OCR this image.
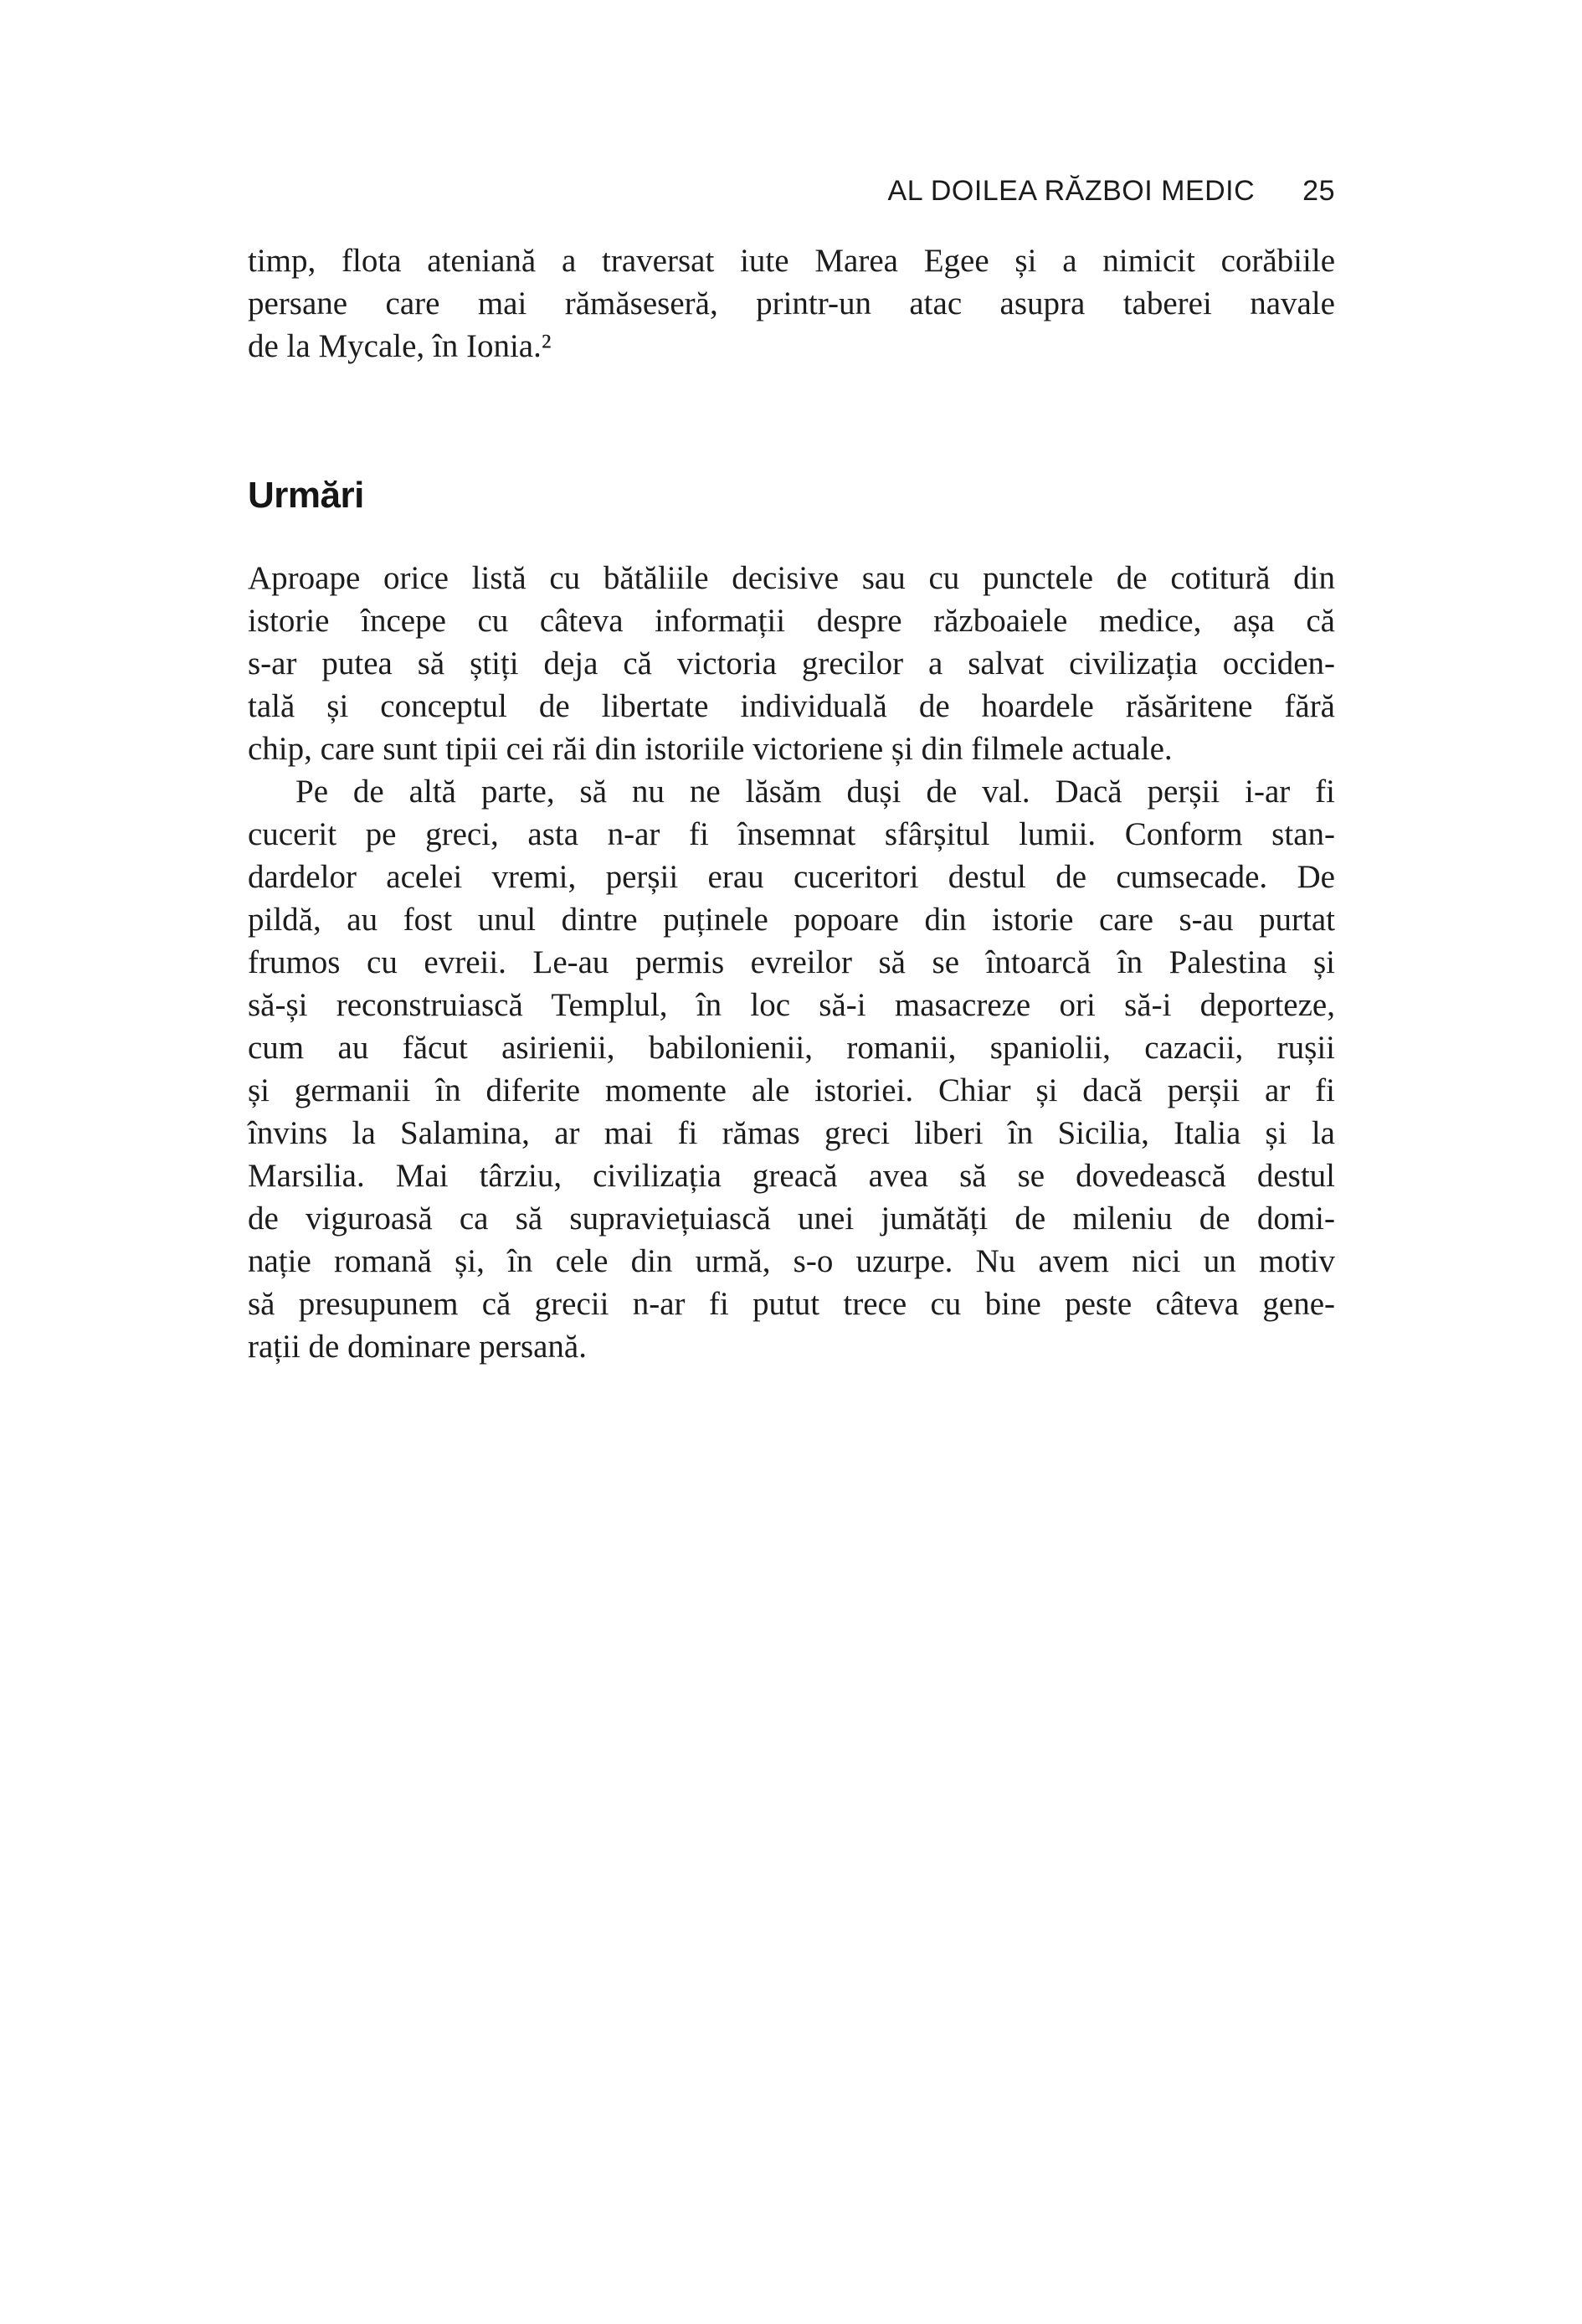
AL DOILEA RĂZBOI MEDIC 25
timp, flota ateniană a traversat iute Marea Egee și a nimicit corăbiile
persane care mai rămăseseră, printr-un atac asupra taberei navale
de la Mycale, în Ionia.²
Urmări
Aproape orice listă cu bătăliile decisive sau cu punctele de cotitură din
istorie începe cu câteva informații despre războaiele medice, așa că
s-ar putea să știți deja că victoria grecilor a salvat civilizația occiden-
tală și conceptul de libertate individuală de hoardele răsăritene fără
chip, care sunt tipii cei răi din istoriile victoriene și din filmele actuale.
Pe de altă parte, să nu ne lăsăm duși de val. Dacă perșii i-ar fi
cucerit pe greci, asta n-ar fi însemnat sfârșitul lumii. Conform stan-
dardelor acelei vremi, perșii erau cuceritori destul de cumsecade. De
pildă, au fost unul dintre puținele popoare din istorie care s-au purtat
frumos cu evreii. Le-au permis evreilor să se întoarcă în Palestina și
să-și reconstruiască Templul, în loc să-i masacreze ori să-i deporteze,
cum au făcut asirienii, babilonienii, romanii, spaniolii, cazacii, rușii
și germanii în diferite momente ale istoriei. Chiar și dacă perșii ar fi
învins la Salamina, ar mai fi rămas greci liberi în Sicilia, Italia și la
Marsilia. Mai târziu, civilizația greacă avea să se dovedească destul
de viguroasă ca să supraviețuiască unei jumătăți de mileniu de domi-
nație romană și, în cele din urmă, s-o uzurpe. Nu avem nici un motiv
să presupunem că grecii n-ar fi putut trece cu bine peste câteva gene-
rații de dominare persană.
